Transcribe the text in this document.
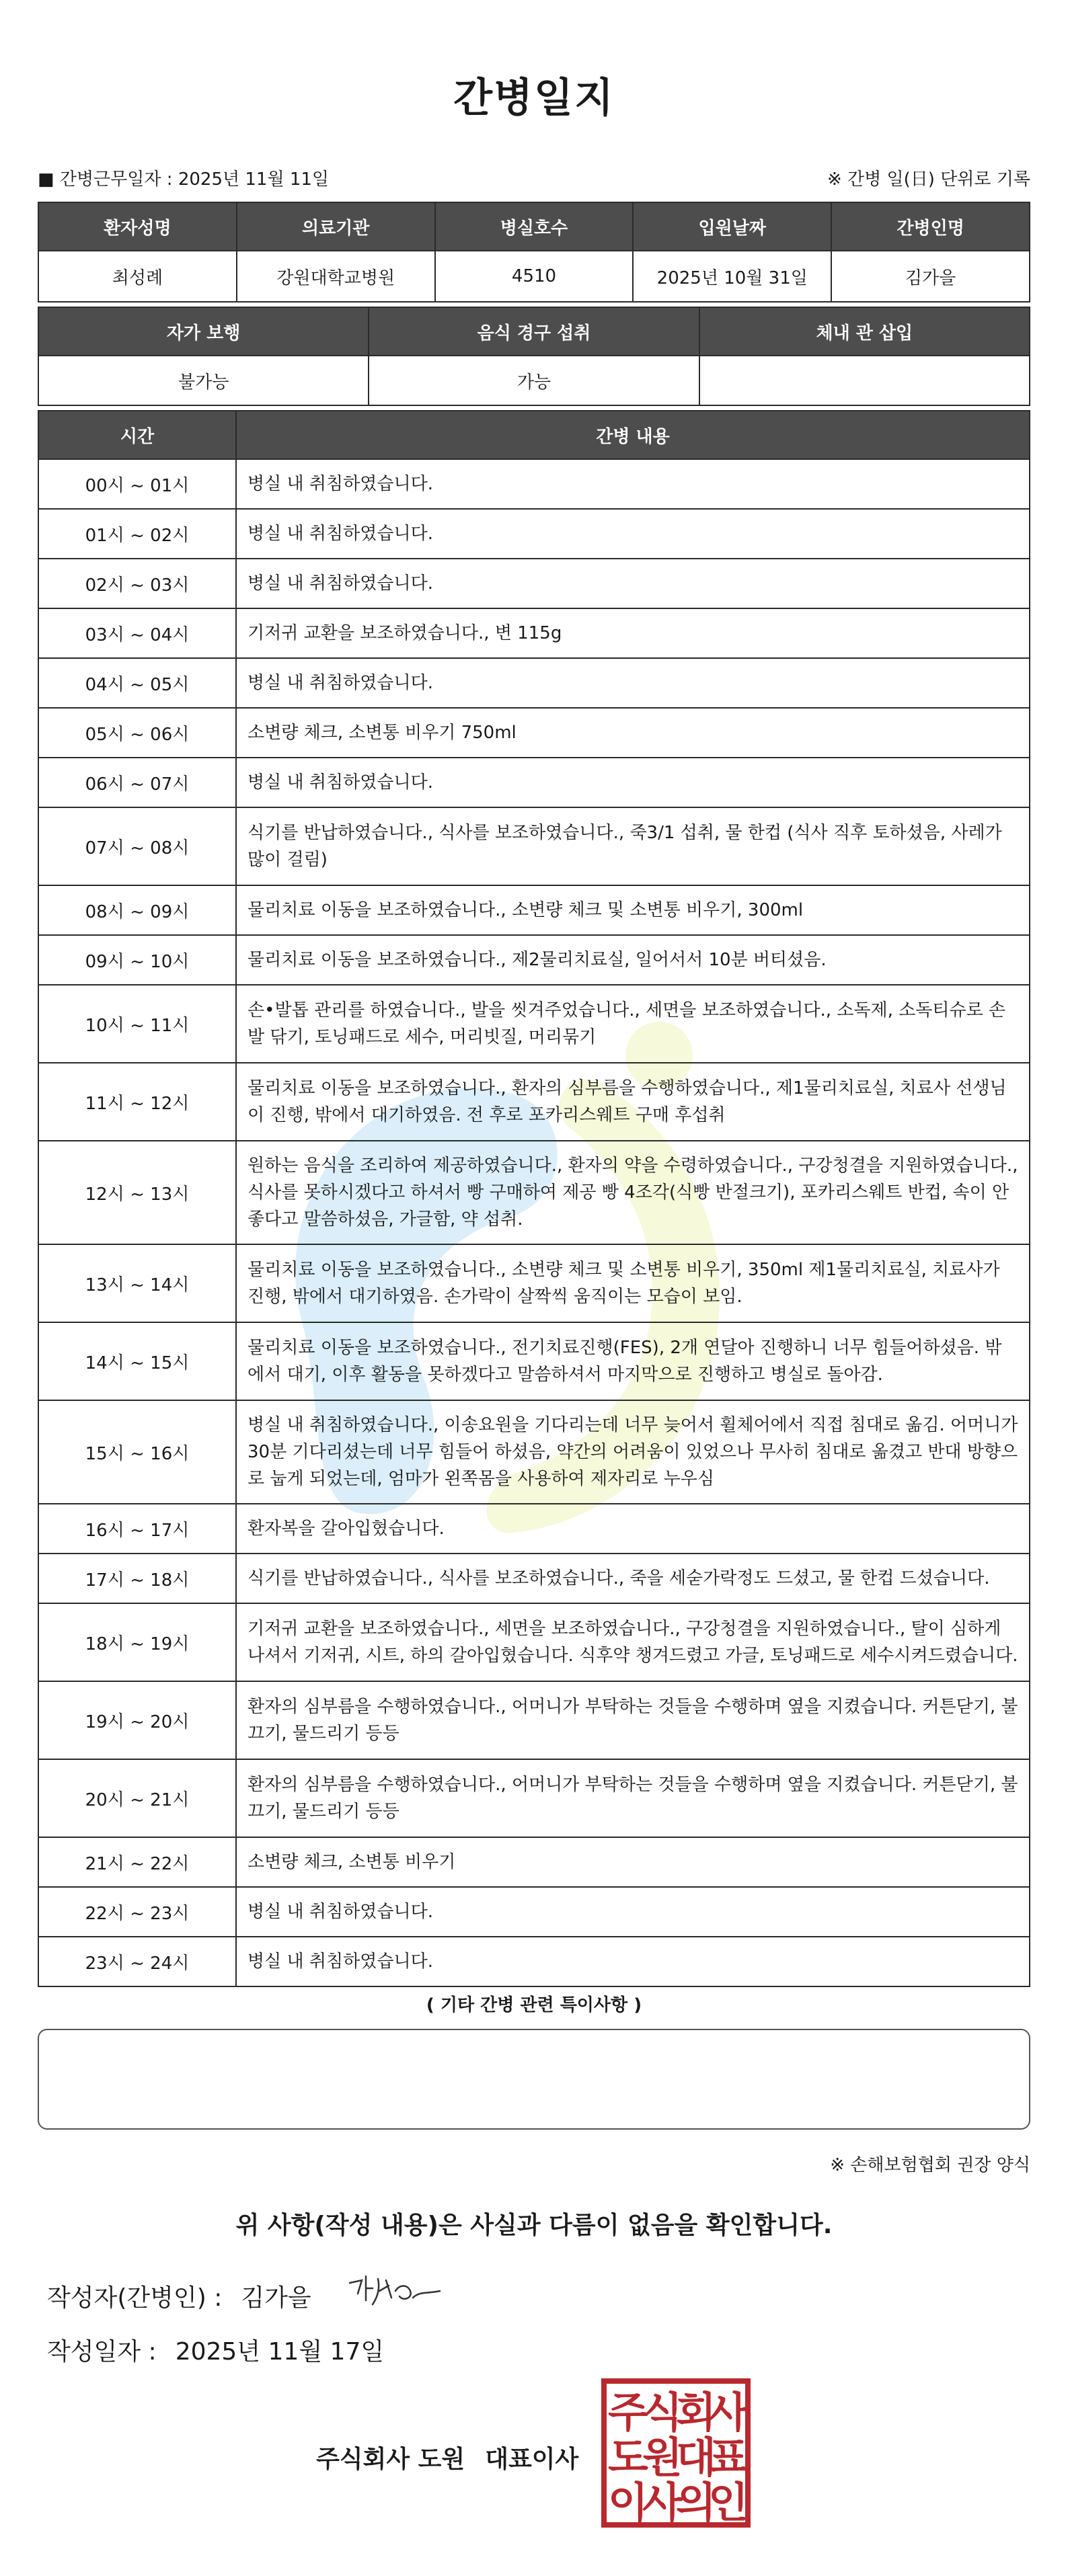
간병일지
■ 간병근무일자 : 2025년 11월 11일	※ 간병 일(日) 단위로 기록
환자성명	의료기관	병실호수	입원날짜	간병인명
최성례	강원대학교병원	4510	2025년 10월 31일	김가을
자가 보행	음식 경구 섭취	체내 관 삽입
불가능	가능	
시간	간병 내용
00시 ~ 01시	병실 내 취침하였습니다.
01시 ~ 02시	병실 내 취침하였습니다.
02시 ~ 03시	병실 내 취침하였습니다.
03시 ~ 04시	기저귀 교환을 보조하였습니다., 변 115g
04시 ~ 05시	병실 내 취침하였습니다.
05시 ~ 06시	소변량 체크, 소변통 비우기 750ml
06시 ~ 07시	병실 내 취침하였습니다.
07시 ~ 08시	식기를 반납하였습니다., 식사를 보조하였습니다., 죽3/1 섭취, 물 한컵 (식사 직후 토하셨음, 사레가 많이 걸림)
08시 ~ 09시	물리치료 이동을 보조하였습니다., 소변량 체크 및 소변통 비우기, 300ml
09시 ~ 10시	물리치료 이동을 보조하였습니다., 제2물리치료실, 일어서서 10분 버티셨음.
10시 ~ 11시	손•발톱 관리를 하였습니다., 발을 씻겨주었습니다., 세면을 보조하였습니다., 소독제, 소독티슈로 손발 닦기, 토닝패드로 세수, 머리빗질, 머리묶기
11시 ~ 12시	물리치료 이동을 보조하였습니다., 환자의 심부름을 수행하였습니다., 제1물리치료실, 치료사 선생님이 진행, 밖에서 대기하였음. 전 후로 포카리스웨트 구매 후섭취
12시 ~ 13시	원하는 음식을 조리하여 제공하였습니다., 환자의 약을 수령하였습니다., 구강청결을 지원하였습니다., 식사를 못하시겠다고 하셔서 빵 구매하여 제공 빵 4조각(식빵 반절크기), 포카리스웨트 반컵, 속이 안좋다고 말씀하셨음, 가글함, 약 섭취.
13시 ~ 14시	물리치료 이동을 보조하였습니다., 소변량 체크 및 소변통 비우기, 350ml 제1물리치료실, 치료사가 진행, 밖에서 대기하였음. 손가락이 살짝씩 움직이는 모습이 보임.
14시 ~ 15시	물리치료 이동을 보조하였습니다., 전기치료진행(FES), 2개 연달아 진행하니 너무 힘들어하셨음. 밖에서 대기, 이후 활동을 못하겠다고 말씀하셔서 마지막으로 진행하고 병실로 돌아감.
15시 ~ 16시	병실 내 취침하였습니다., 이송요원을 기다리는데 너무 늦어서 휠체어에서 직접 침대로 옮김. 어머니가 30분 기다리셨는데 너무 힘들어 하셨음, 약간의 어려움이 있었으나 무사히 침대로 옮겼고 반대 방향으로 눕게 되었는데, 엄마가 왼쪽몸을 사용하여 제자리로 누우심
16시 ~ 17시	환자복을 갈아입혔습니다.
17시 ~ 18시	식기를 반납하였습니다., 식사를 보조하였습니다., 죽을 세숟가락정도 드셨고, 물 한컵 드셨습니다.
18시 ~ 19시	기저귀 교환을 보조하였습니다., 세면을 보조하였습니다., 구강청결을 지원하였습니다., 탈이 심하게 나셔서 기저귀, 시트, 하의 갈아입혔습니다. 식후약 챙겨드렸고 가글, 토닝패드로 세수시켜드렸습니다.
19시 ~ 20시	환자의 심부름을 수행하였습니다., 어머니가 부탁하는 것들을 수행하며 옆을 지켰습니다. 커튼닫기, 불끄기, 물드리기 등등
20시 ~ 21시	환자의 심부름을 수행하였습니다., 어머니가 부탁하는 것들을 수행하며 옆을 지켰습니다. 커튼닫기, 불끄기, 물드리기 등등
21시 ~ 22시	소변량 체크, 소변통 비우기
22시 ~ 23시	병실 내 취침하였습니다.
23시 ~ 24시	병실 내 취침하였습니다.
( 기타 간병 관련 특이사항 )
※ 손해보험협회 권장 양식
위 사항(작성 내용)은 사실과 다름이 없음을 확인합니다.
작성자(간병인) : 김가을
작성일자 : 2025년 11월 17일
주식회사 도원 대표이사
주
식
회
사
도
원
대
표
이
사
의
인
